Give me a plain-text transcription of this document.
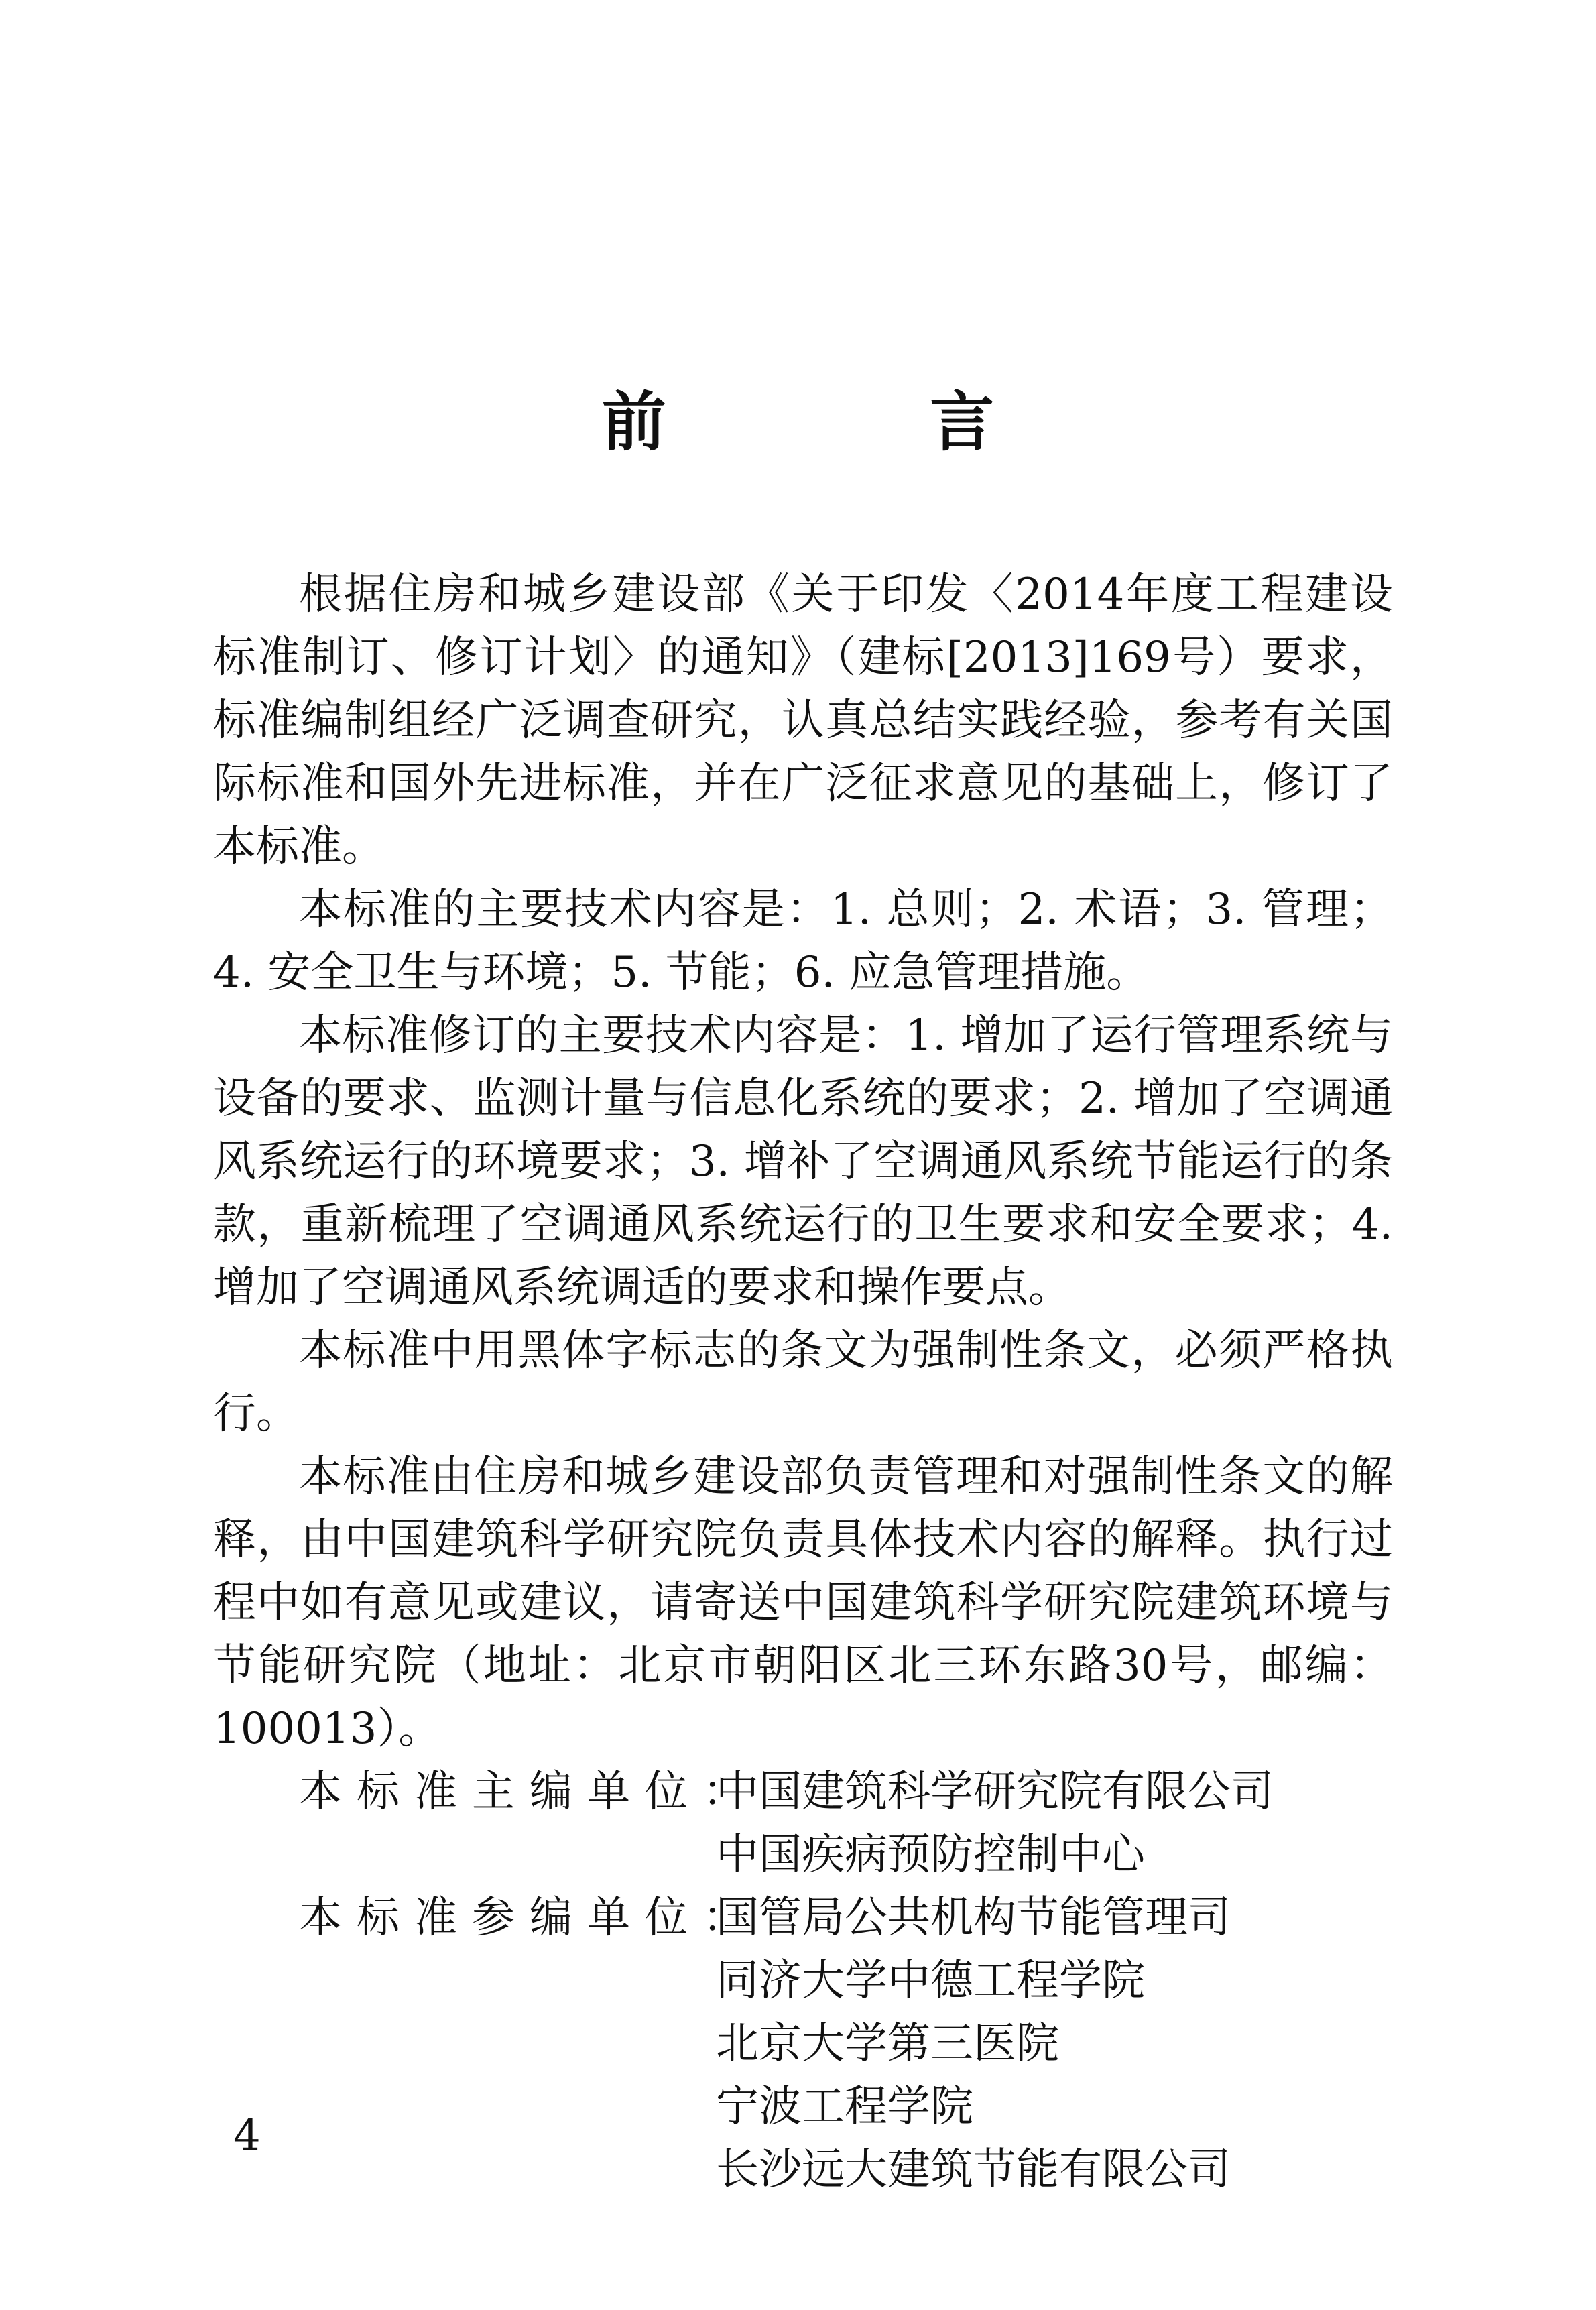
前 言

根据住房和城乡建设部《关于印发〈2014年度工程建设标准制订、修订计划〉的通知》（建标[2013]169号）要求，标准编制组经广泛调查研究，认真总结实践经验，参考有关国际标准和国外先进标准，并在广泛征求意见的基础上，修订了本标准。

本标准的主要技术内容是：1. 总则；2. 术语；3. 管理；4. 安全卫生与环境；5. 节能；6. 应急管理措施。

本标准修订的主要技术内容是：1. 增加了运行管理系统与设备的要求、监测计量与信息化系统的要求；2. 增加了空调通风系统运行的环境要求；3. 增补了空调通风系统节能运行的条款，重新梳理了空调通风系统运行的卫生要求和安全要求；4. 增加了空调通风系统调适的要求和操作要点。

本标准中用黑体字标志的条文为强制性条文，必须严格执行。

本标准由住房和城乡建设部负责管理和对强制性条文的解释，由中国建筑科学研究院负责具体技术内容的解释。执行过程中如有意见或建议，请寄送中国建筑科学研究院建筑环境与节能研究院（地址：北京市朝阳区北三环东路30号，邮编：100013）。

本标准主编单位：
中国建筑科学研究院有限公司
中国疾病预防控制中心
本标准参编单位：
国管局公共机构节能管理司
同济大学中德工程学院
北京大学第三医院
宁波工程学院
长沙远大建筑节能有限公司
4
